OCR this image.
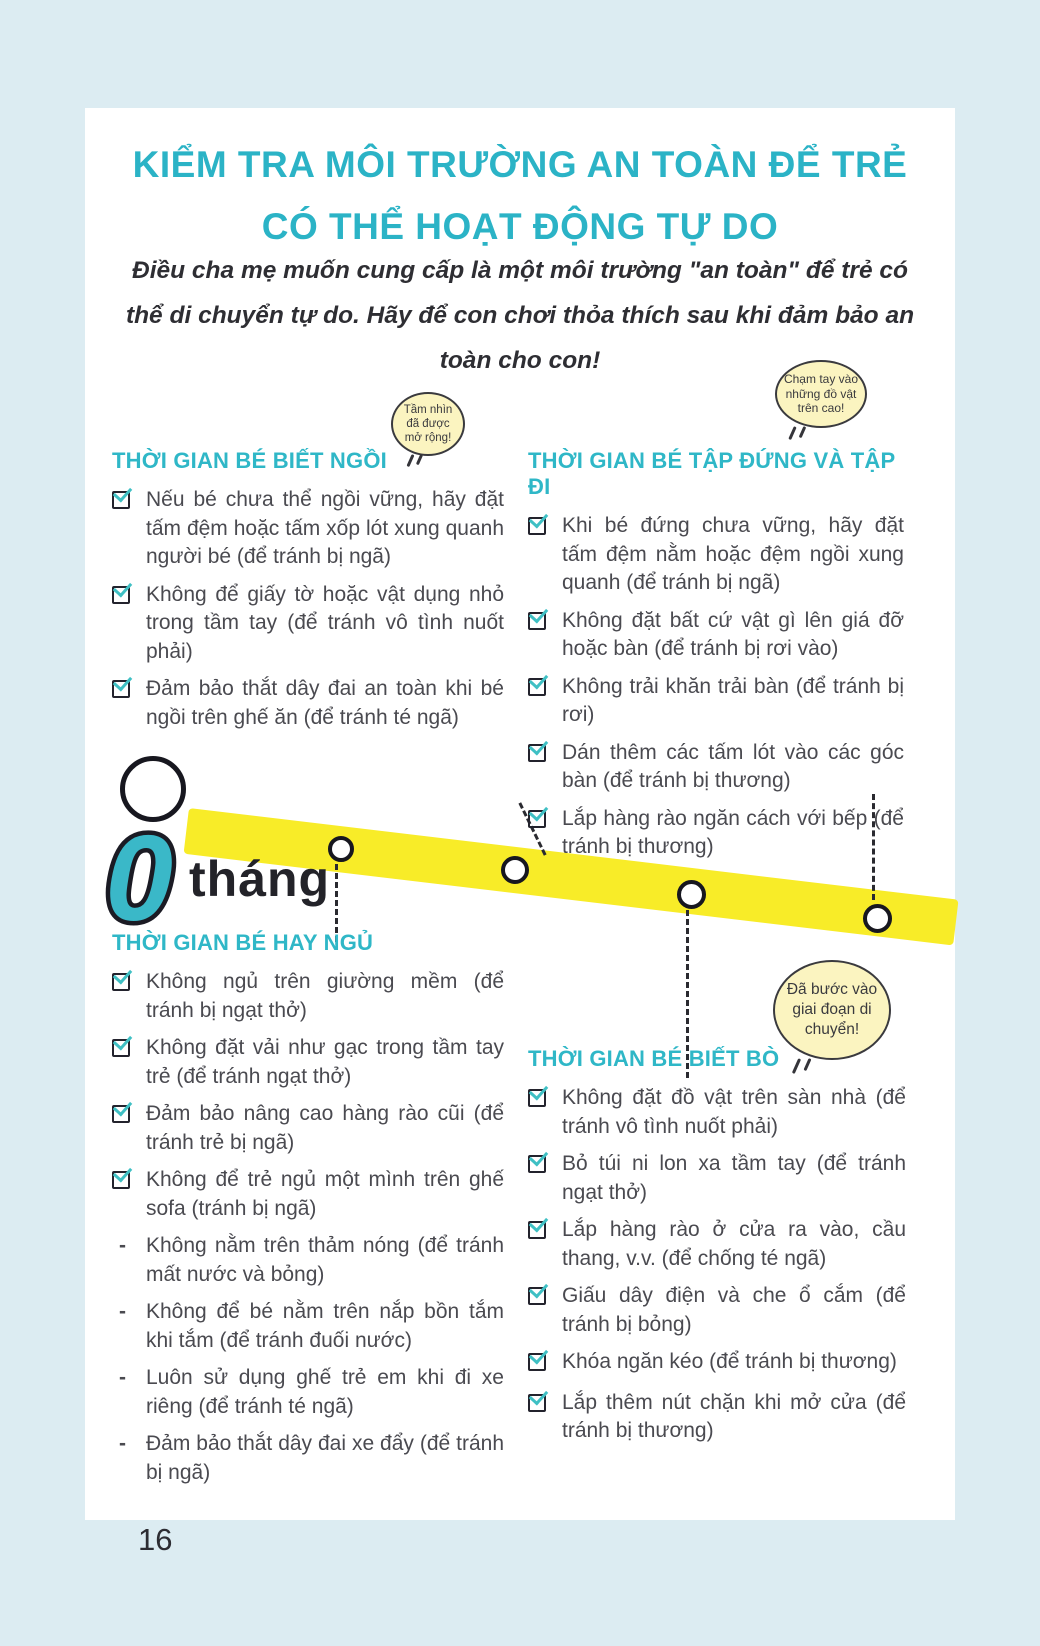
KIỂM TRA MÔI TRƯỜNG AN TOÀN ĐỂ TRẺ
CÓ THỂ HOẠT ĐỘNG TỰ DO
Điều cha mẹ muốn cung cấp là một môi trường "an toàn" để trẻ có thể di chuyển tự do. Hãy để con chơi thỏa thích sau khi đảm bảo an toàn cho con!
Tầm nhìn đã được mở rộng!
Chạm tay vào những đồ vật trên cao!
Đã bước vào giai đoạn di chuyển!
0 tháng
THỜI GIAN BÉ BIẾT NGỒI
Nếu bé chưa thể ngồi vững, hãy đặt tấm đệm hoặc tấm xốp lót xung quanh người bé (để tránh bị ngã)
Không để giấy tờ hoặc vật dụng nhỏ trong tầm tay (để tránh vô tình nuốt phải)
Đảm bảo thắt dây đai an toàn khi bé ngồi trên ghế ăn (để tránh té ngã)
THỜI GIAN BÉ TẬP ĐỨNG VÀ TẬP ĐI
Khi bé đứng chưa vững, hãy đặt tấm đệm nằm hoặc đệm ngồi xung quanh (để tránh bị ngã)
Không đặt bất cứ vật gì lên giá đỡ hoặc bàn (để tránh bị rơi vào)
Không trải khăn trải bàn (để tránh bị rơi)
Dán thêm các tấm lót vào các góc bàn (để tránh bị thương)
Lắp hàng rào ngăn cách với bếp (để tránh bị thương)
THỜI GIAN BÉ HAY NGỦ
Không ngủ trên giường mềm (để tránh bị ngạt thở)
Không đặt vải như gạc trong tầm tay trẻ (để tránh ngạt thở)
Đảm bảo nâng cao hàng rào cũi (để tránh trẻ bị ngã)
Không để trẻ ngủ một mình trên ghế sofa (tránh bị ngã)
- Không nằm trên thảm nóng (để tránh mất nước và bỏng)
- Không để bé nằm trên nắp bồn tắm khi tắm (để tránh đuối nước)
- Luôn sử dụng ghế trẻ em khi đi xe riêng (để tránh té ngã)
- Đảm bảo thắt dây đai xe đẩy (để tránh bị ngã)
THỜI GIAN BÉ BIẾT BÒ
Không đặt đồ vật trên sàn nhà (để tránh vô tình nuốt phải)
Bỏ túi ni lon xa tầm tay (để tránh ngạt thở)
Lắp hàng rào ở cửa ra vào, cầu thang, v.v. (để chống té ngã)
Giấu dây điện và che ổ cắm (để tránh bị bỏng)
Khóa ngăn kéo (để tránh bị thương)
Lắp thêm nút chặn khi mở cửa (để tránh bị thương)
16
